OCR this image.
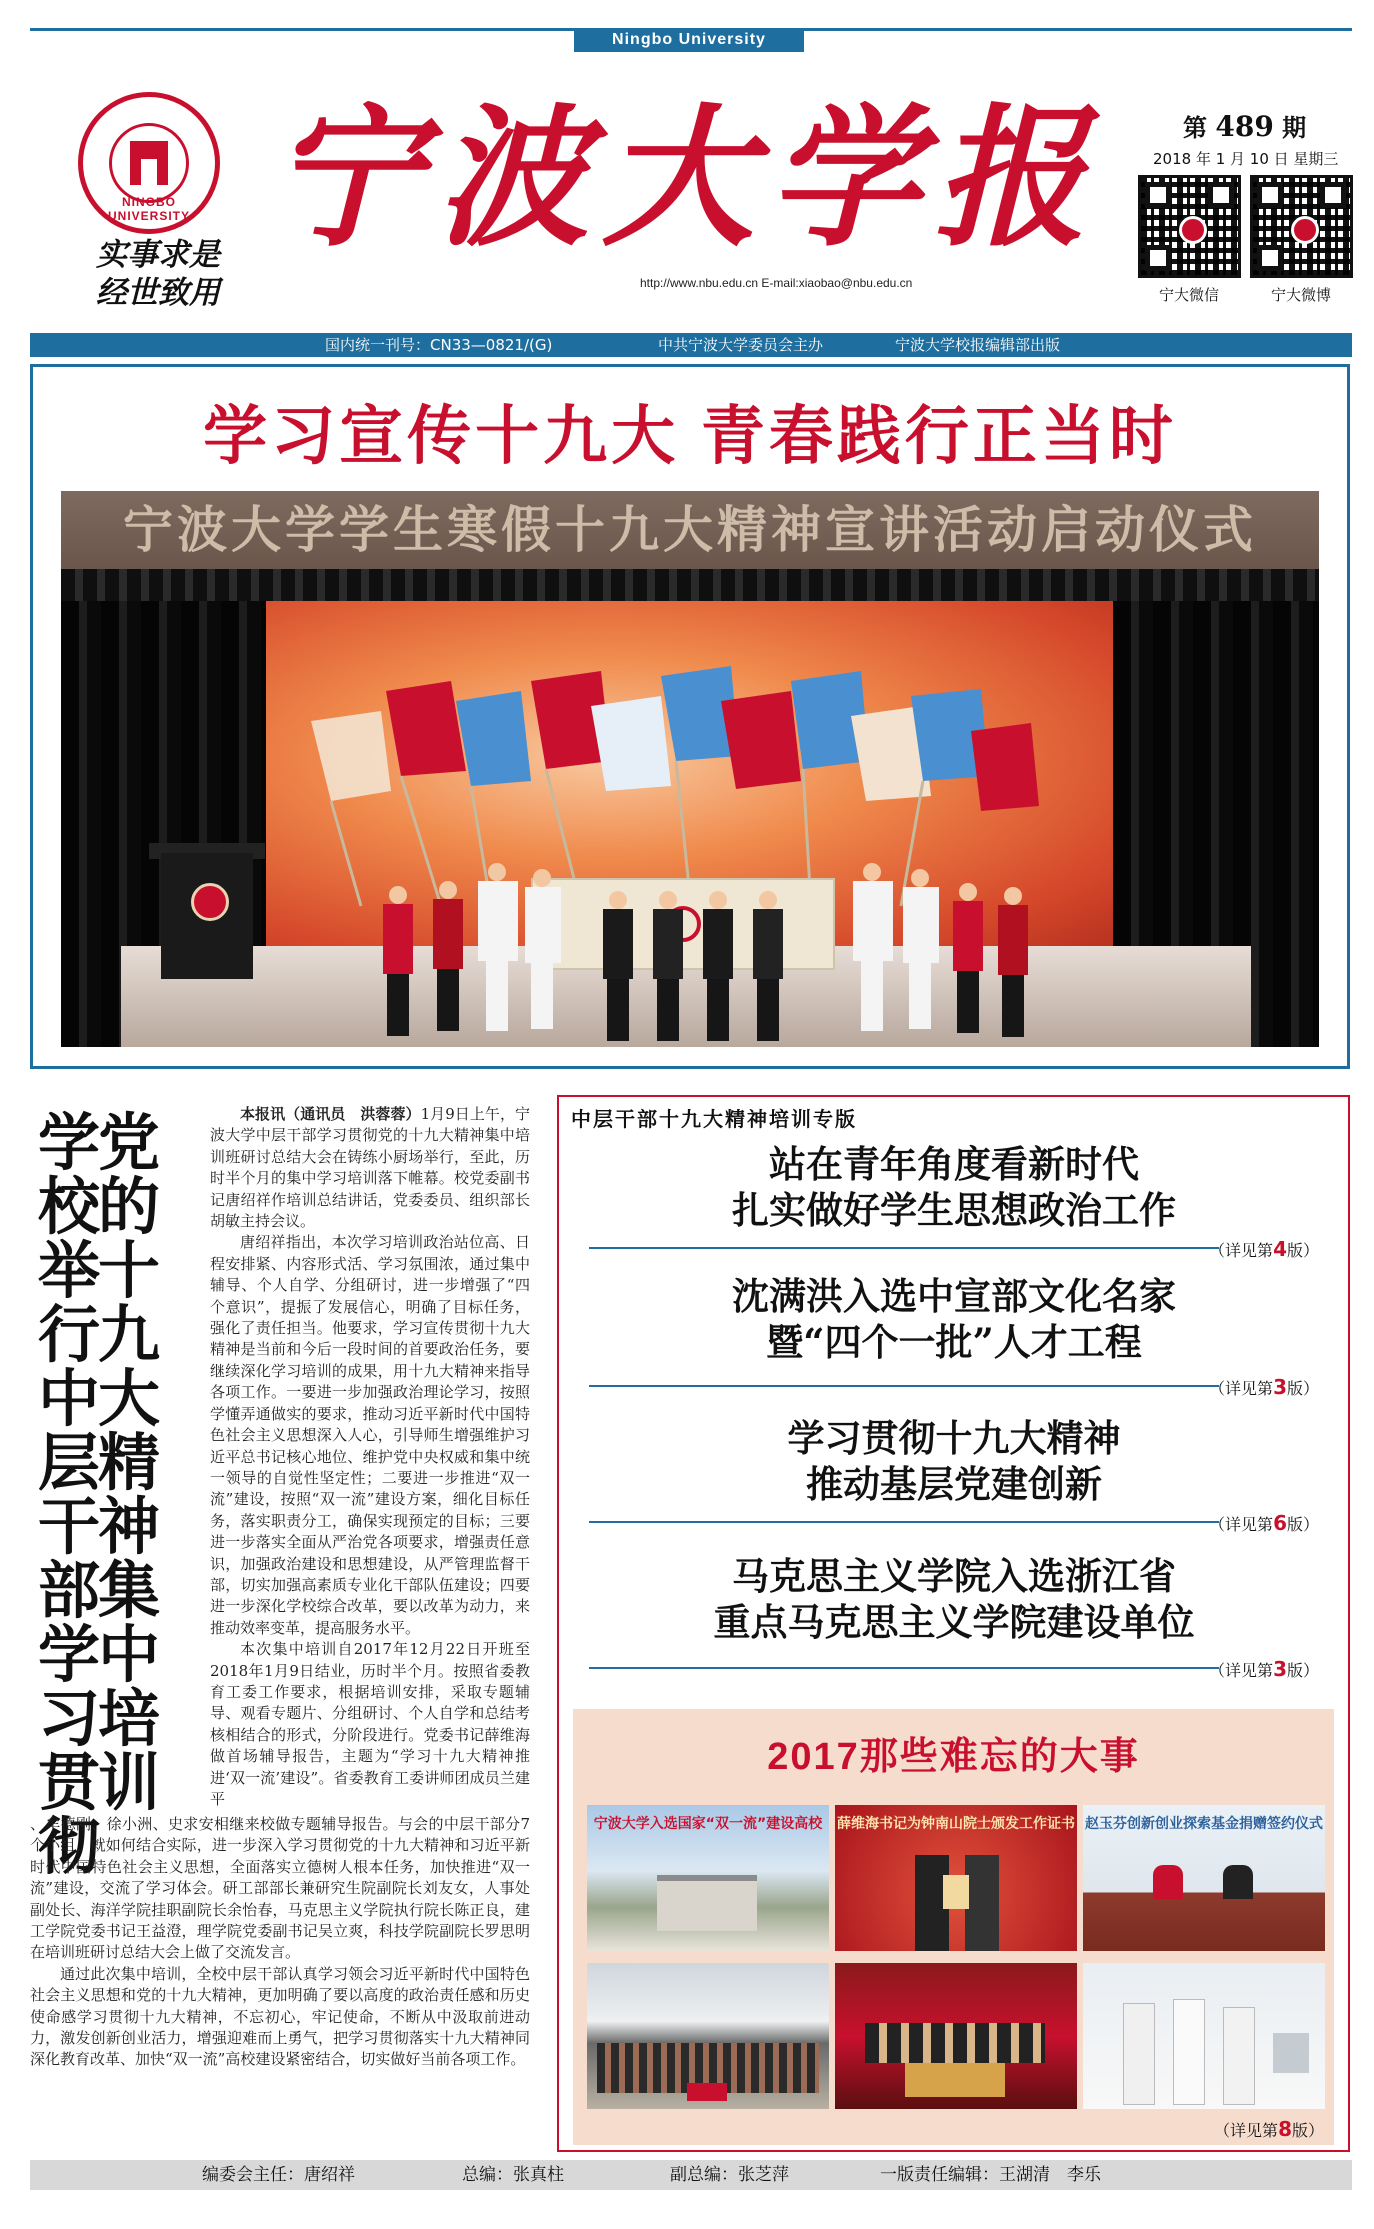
Ningbo University
NINGBO UNIVERSITY
实事求是
经世致用
宁波大学报
http://www.nbu.edu.cn E-mail:xiaobao@nbu.edu.cn
第 489 期
2018 年 1 月 10 日 星期三
宁大微信	宁大微博
国内统一刊号：CN33—0821/(G)	中共宁波大学委员会主办	宁波大学校报编辑部出版
学习宣传十九大 青春践行正当时
宁波大学学生寒假十九大精神宣讲活动启动仪式

党的十九大精神集中培训
学校举行中层干部学习贯彻

本报讯（通讯员　洪蓉蓉）1月9日上午，宁波大学中层干部学习贯彻党的十九大精神集中培训班研讨总结大会在铸练小厨场举行，至此，历时半个月的集中学习培训落下帷幕。校党委副书记唐绍祥作培训总结讲话，党委委员、组织部长胡敏主持会议。

唐绍祥指出，本次学习培训政治站位高、日程安排紧、内容形式活、学习氛围浓，通过集中辅导、个人自学、分组研讨，进一步增强了“四个意识”，提振了发展信心，明确了目标任务，强化了责任担当。他要求，学习宣传贯彻十九大精神是当前和今后一段时间的首要政治任务，要继续深化学习培训的成果，用十九大精神来指导各项工作。一要进一步加强政治理论学习，按照学懂弄通做实的要求，推动习近平新时代中国特色社会主义思想深入人心，引导师生增强维护习近平总书记核心地位、维护党中央权威和集中统一领导的自觉性坚定性；二要进一步推进“双一流”建设，按照“双一流”建设方案，细化目标任务，落实职责分工，确保实现预定的目标；三要进一步落实全面从严治党各项要求，增强责任意识，加强政治建设和思想建设，从严管理监督干部，切实加强高素质专业化干部队伍建设；四要进一步深化学校综合改革，要以改革为动力，来推动效率变革，提高服务水平。

本次集中培训自2017年12月22日开班至2018年1月9日结业，历时半个月。按照省委教育工委工作要求，根据培训安排，采取专题辅导、观看专题片、分组研讨、个人自学和总结考核相结合的形式，分阶段进行。党委书记薛维海做首场辅导报告，主题为“学习十九大精神推进‘双一流’建设”。省委教育工委讲师团成员兰建平

、牟德刚、徐小洲、史求安相继来校做专题辅导报告。与会的中层干部分7个小组，就如何结合实际，进一步深入学习贯彻党的十九大精神和习近平新时代中国特色社会主义思想，全面落实立德树人根本任务，加快推进“双一流”建设，交流了学习体会。研工部部长兼研究生院副院长刘友女，人事处副处长、海洋学院挂职副院长余怡春，马克思主义学院执行院长陈正良，建工学院党委书记王益澄，理学院党委副书记吴立爽，科技学院副院长罗思明在培训班研讨总结大会上做了交流发言。

通过此次集中培训，全校中层干部认真学习领会习近平新时代中国特色社会主义思想和党的十九大精神，更加明确了要以高度的政治责任感和历史使命感学习贯彻十九大精神，不忘初心，牢记使命，不断从中汲取前进动力，激发创新创业活力，增强迎难而上勇气，把学习贯彻落实十九大精神同深化教育改革、加快“双一流”高校建设紧密结合，切实做好当前各项工作。

中层干部十九大精神培训专版
站在青年角度看新时代
扎实做好学生思想政治工作
（详见第4版）
沈满洪入选中宣部文化名家
暨“四个一批”人才工程
（详见第3版）
学习贯彻十九大精神
推动基层党建创新
（详见第6版）
马克思主义学院入选浙江省
重点马克思主义学院建设单位
（详见第3版）
2017那些难忘的大事
宁波大学入选国家“双一流”建设高校	薛维海书记为钟南山院士颁发工作证书 赵玉芬创新创业探索基金捐赠签约仪式
（详见第8版）
编委会主任：唐绍祥	总编：张真柱	副总编：张芝萍	一版责任编辑：王湖清　李乐
